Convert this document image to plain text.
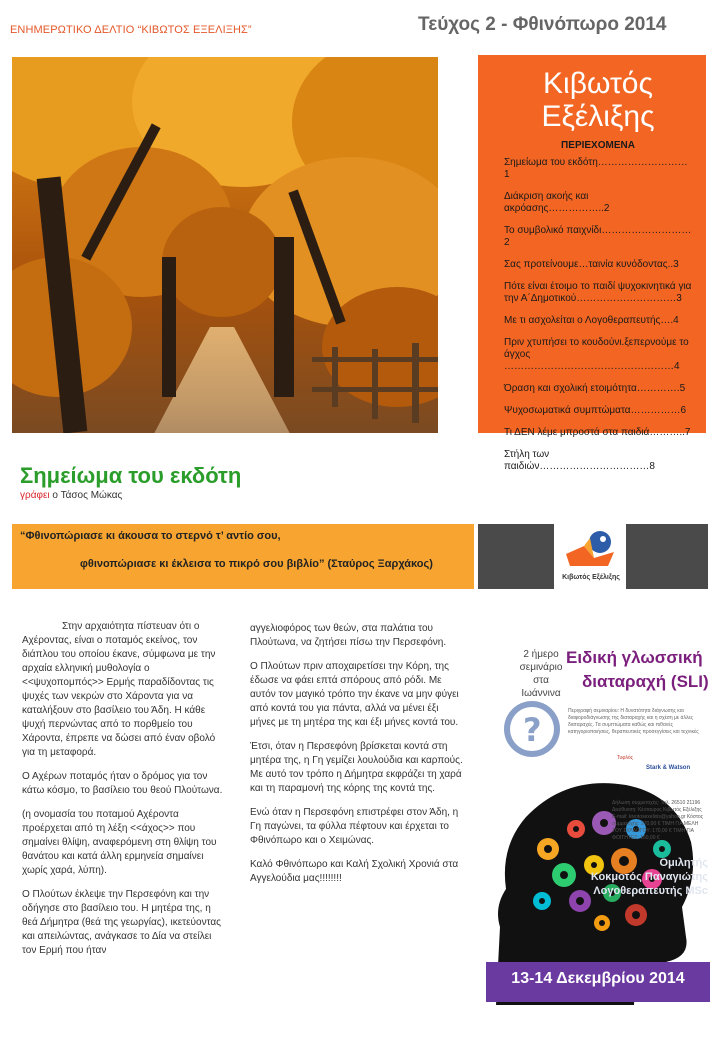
ΕΝΗΜΕΡΩΤΙΚΟ ΔΕΛΤΙΟ “ΚΙΒΩΤΟΣ ΕΞΕΛΙΞΗΣ”	Τεύχος 2 - Φθινόπωρο 2014
Κιβωτός
Εξέλιξης
ΠΕΡΙΕΧΟΜΕΝΑ
Σημείωμα του εκδότη………………………1
Διάκριση ακοής και ακρόασης……………..2
Το συμβολικό παιχνίδι………………………2
Σας προτείνουμε…ταινία κυνόδοντας..3
Πότε είναι έτοιμο το παιδί ψυχοκινητικά για την Α΄Δημοτικού…………………………3
Με τι ασχολείται ο Λογοθεραπευτής….4
Πριν χτυπήσει το κουδούνι.ξεπερνούμε το άγχος ……………………………………………4
Όραση και σχολική ετοιμότητα………….5
Ψυχοσωματικά συμπτώματα……………6
Τι ΔΕΝ λέμε μπροστά στα παιδιά………..7
Στήλη των παιδιών……………………………8
Σημείωμα του εκδότη
γράφει ο Τάσος Μώκας
“Φθινοπώριασε κι άκουσα το στερνό τ’ αντίο σου,
φθινοπώριασε κι έκλεισα το πικρό σου βιβλίο” (Σταύρος Ξαρχάκος)
Κιβωτός Εξέλιξης

Στην αρχαιότητα πίστευαν ότι ο Αχέροντας, είναι ο ποταμός εκείνος, τον διάπλου του οποίου έκανε, σύμφωνα με την αρχαία ελληνική μυθολογία ο <<ψυχοπομπός>> Ερμής παραδίδοντας τις ψυχές των νεκρών στο Χάροντα για να καταλήξουν στο βασίλειο του Άδη. Η κάθε ψυχή περνώντας από το πορθμείο του Χάροντα, έπρεπε να δώσει από έναν οβολό για τη μεταφορά.

Ο Αχέρων ποταμός ήταν ο δρόμος για τον κάτω κόσμο, το βασίλειο του θεού Πλούτωνα.

(η ονομασία του ποταμού Αχέροντα προέρχεται από τη λέξη <<άχος>> που σημαίνει θλίψη, αναφερόμενη στη θλίψη του θανάτου και κατά άλλη ερμηνεία σημαίνει χωρίς χαρά, λύπη).

Ο Πλούτων έκλεψε την Περσεφόνη και την οδήγησε στο βασίλειο του. Η μητέρα της, η θεά Δήμητρα (θεά της γεωργίας), ικετεύοντας και απειλώντας, ανάγκασε το Δία να στείλει τον Ερμή που ήταν

αγγελιοφόρος των θεών, στα παλάτια του Πλούτωνα, να ζητήσει πίσω την Περσεφόνη.

Ο Πλούτων πριν αποχαιρετίσει την Κόρη, της έδωσε να φάει επτά σπόρους από ρόδι. Με αυτόν τον μαγικό τρόπο την έκανε να μην φύγει από κοντά του για πάντα, αλλά να μένει έξι μήνες με τη μητέρα της και έξι μήνες κοντά του.

Έτσι, όταν η Περσεφόνη βρίσκεται κοντά στη μητέρα της, η Γη γεμίζει λουλούδια και καρπούς. Με αυτό τον τρόπο η Δήμητρα εκφράζει τη χαρά και τη παραμονή της κόρης της κοντά της.

Ενώ όταν η Περσεφόνη επιστρέφει στον Άδη, η Γη παγώνει, τα φύλλα πέφτουν και έρχεται το Φθινόπωρο και ο Χειμώνας.

Καλό Φθινόπωρο και Καλή Σχολική Χρονιά στα Αγγελούδια μας!!!!!!!!

?
2 ήμερο σεμινάριο στα Ιωάννινα
Ειδική γλωσσική
διαταραχή (SLI)
Περιγραφή σεμιναρίου: Η δυνατότητα διάγνωσης και διαφοροδιάγνωσης της διαταραχής και η σχέση με άλλες διαταραχές. Τα συμπτώματα καθώς και πιθανές κατηγοριοποιήσεις, θεραπευτικές προσεγγίσεις και τεχνικές
Τυφλός
Stark & Watson
Δήλωση συμμετοχής: Τηλ. 26510 21196 Διεύθυνση: Κένταυρος Κιβωτός Εξέλιξης E-mail: kivotosexelixis@yahoo.gr Κόστος συμμετοχής: 270,00 € ΤΙΜΗ ΓΙΑ ΜΕΛΗ ΤΟΥ ΣΥΛΛΟΓΟΥ: 170,00 € ΤΙΜΗ ΓΙΑ ΦΟΙΤΗΤΕΣ: 160,00 €
Ομιλητής
Κοκμοτός Παναγιώτης
Λογοθεραπευτής MSc
13-14 Δεκεμβρίου 2014
